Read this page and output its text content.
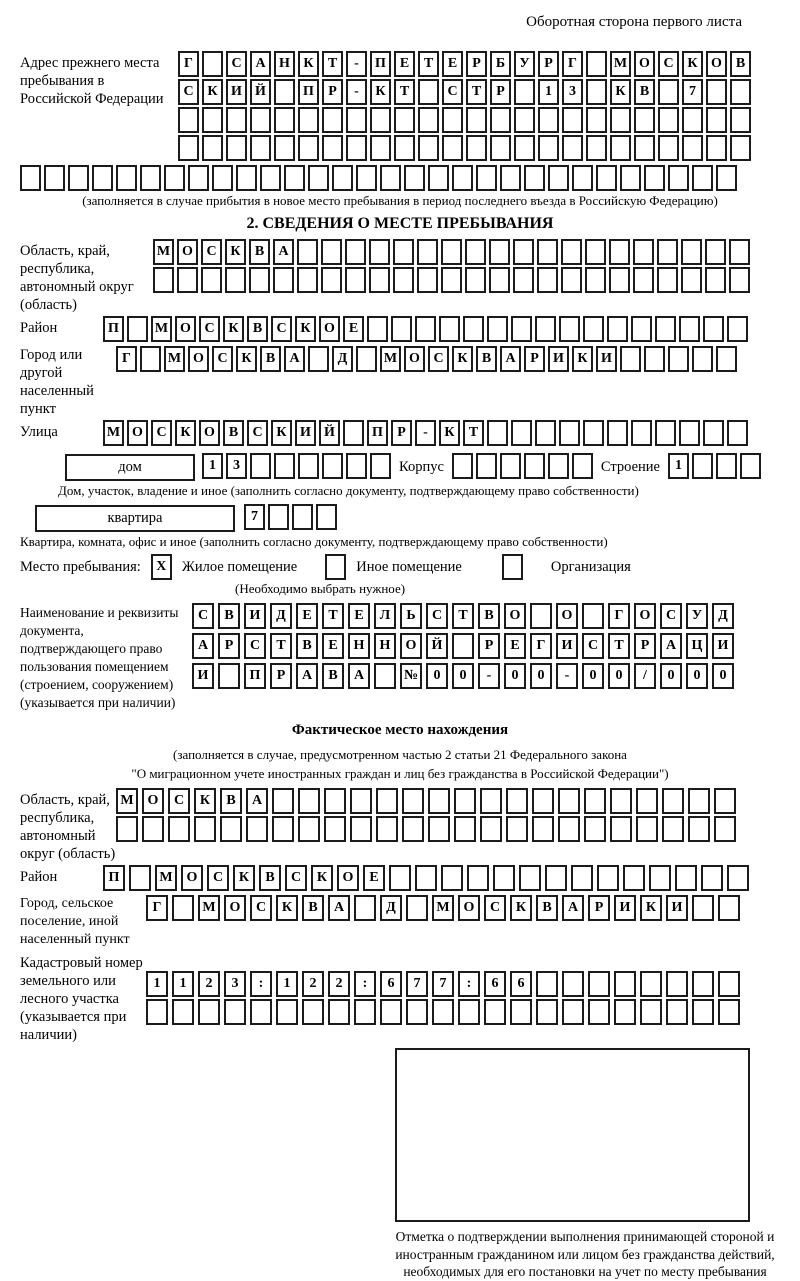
Оборотная сторона первого листа
Адрес прежнего места пребывания в Российской Федерации
Г	С А Н К	Т	-	П Е	Т	Е	Р	Б	У	Р	Г	М О С К О В
С К И Й	П	Р	-	К	Т	С	Т	Р	1	3	К	В	7
(заполняется в случае прибытия в новое место пребывания в период последнего въезда в Российскую Федерацию)
2. СВЕДЕНИЯ О МЕСТЕ ПРЕБЫВАНИЯ
Область, край, республика, автономный округ (область)
М О С К	В	А
Район	П	М О С К	В	С К О Е
Город или другой населенный пункт
Г	М О С К	В	А	Д	М О С К	В	А	Р	И К И
Улица	М О С К О В	С К И Й	П	Р	-	К	Т
дом	1	3	Корпус	Строение	1
Дом, участок, владение и иное (заполнить согласно документу, подтверждающему право собственности)
квартира	7
Квартира, комната, офис и иное (заполнить согласно документу, подтверждающему право собственности)
Место пребывания:	X	Жилое помещение	Иное помещение	Организация
(Необходимо выбрать нужное)
Наименование и реквизиты документа, подтверждающего право пользования помещением (строением, сооружением) (указывается при наличии)
С	В	И	Д	Е	Т	Е	Л	Ь	С	Т	В	О	О	Г	О	С	У	Д
А	Р	С	Т	В	Е	Н	Н	О	Й	Р	Е	Г	И	С	Т	Р	А	Ц	И
И	П	Р	А	В	А	№	0	0	-	0	0	-	0	0	/	0	0	0
Фактическое место нахождения
(заполняется в случае, предусмотренном частью 2 статьи 21 Федерального закона
"О миграционном учете иностранных граждан и лиц без гражданства в Российской Федерации")
Область, край, республика, автономный округ (область)
М О	С	К	В	А
Район	П	М О	С	К	В	С	К	О	Е
Город, сельское поселение, иной населенный пункт
Г	М О	С	К	В	А	Д	М О	С	К	В	А	Р	И	К	И
Кадастровый номер земельного или лесного участка (указывается при наличии)
1	1	2	3	:	1	2	2	:	6	7	7	:	6	6
Отметка о подтверждении выполнения принимающей стороной и иностранным гражданином или лицом без гражданства действий, необходимых для его постановки на учет по месту пребывания
